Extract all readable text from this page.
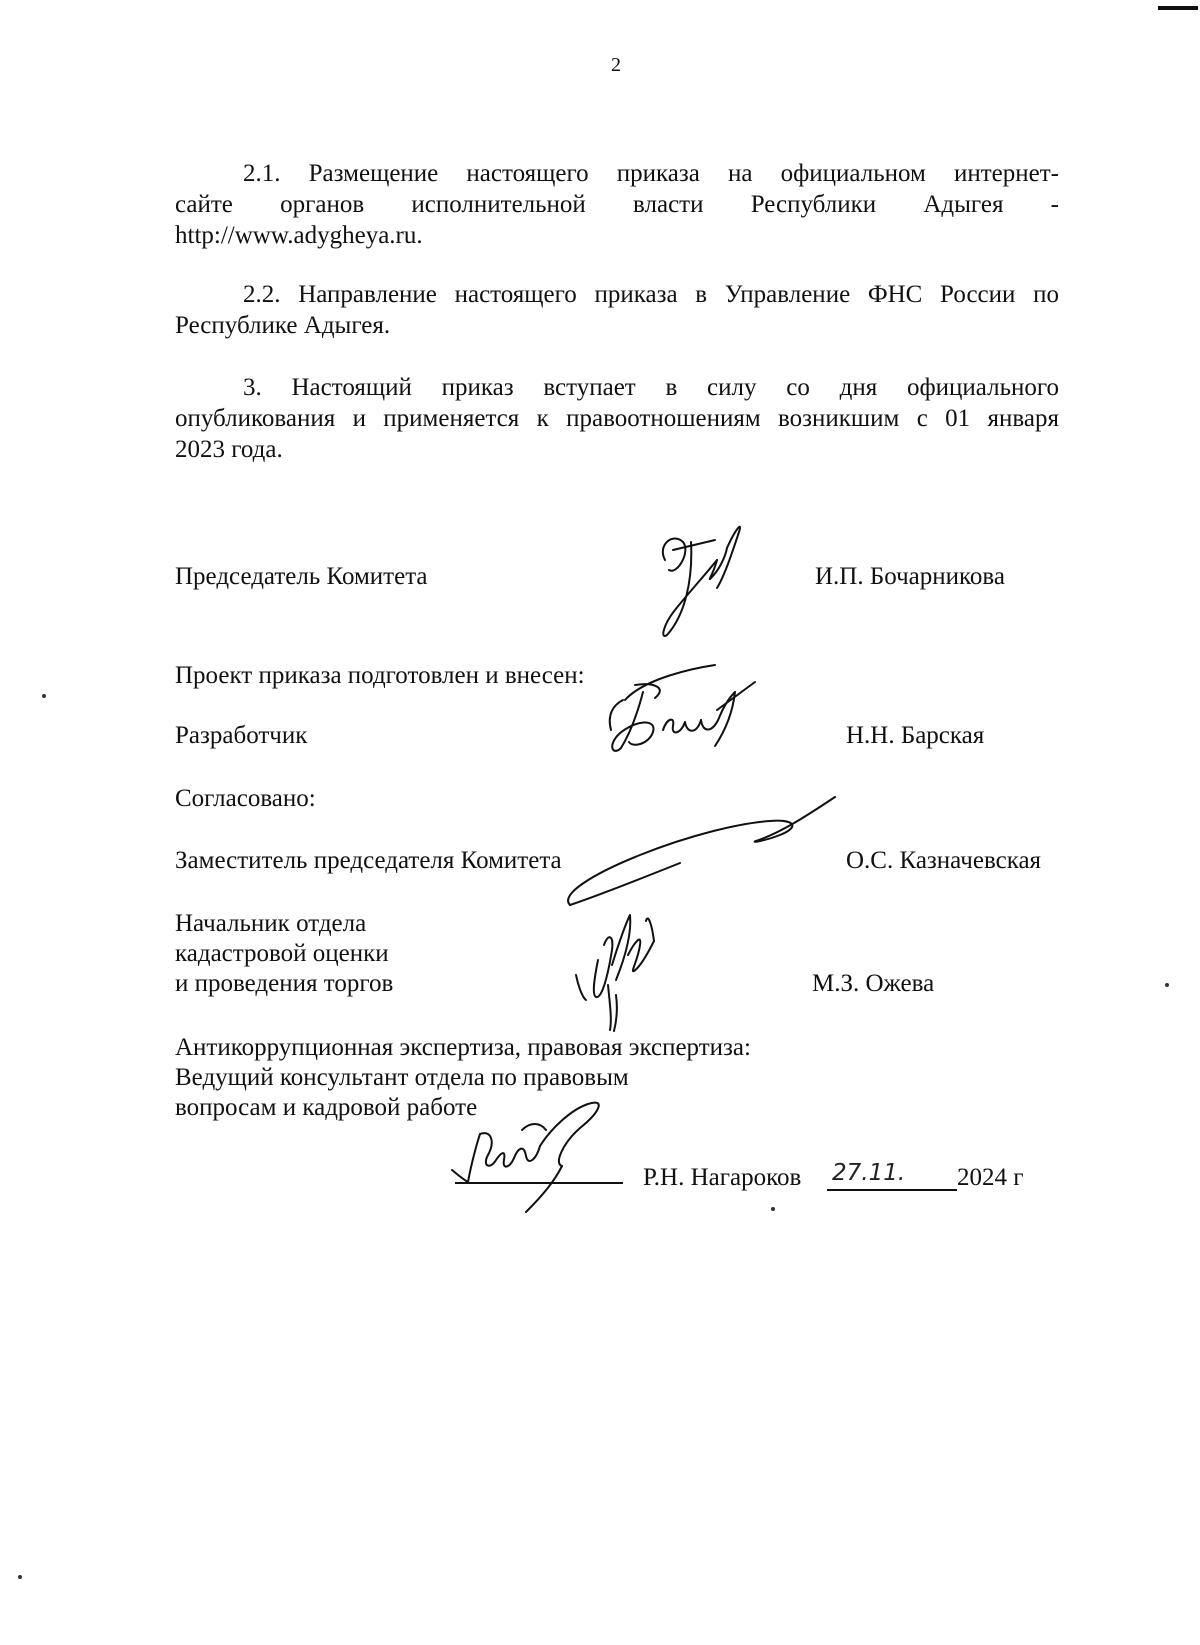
2
2.1. Размещение настоящего приказа на официальном интернет-
сайте органов исполнительной власти Республики Адыгея -
http://www.adygheya.ru.
2.2. Направление настоящего приказа в Управление ФНС России по
Республике Адыгея.
3. Настоящий приказ вступает в силу со дня официального
опубликования и применяется к правоотношениям возникшим с 01 января
2023 года.
Председатель Комитета	И.П. Бочарникова
Проект приказа подготовлен и внесен:
Разработчик	Н.Н. Барская
Согласовано:
Заместитель председателя Комитета	О.С. Казначевская
Начальник отдела
кадастровой оценки
и проведения торгов	М.З. Ожева
Антикоррупционная экспертиза, правовая экспертиза:
Ведущий консультант отдела по правовым
вопросам и кадровой работе
Р.Н. Нагароков 27.11. 2024 г
